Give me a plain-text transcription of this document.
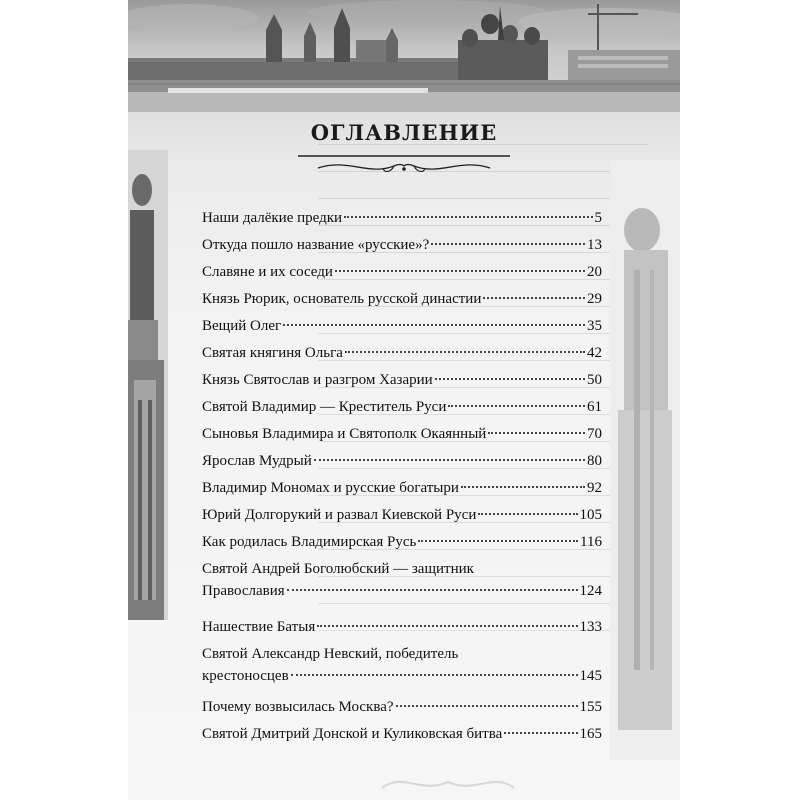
ОГЛАВЛЕНИЕ
Наши далёкие предки	5
Откуда пошло название «русские»?	13
Славяне и их соседи	20
Князь Рюрик, основатель русской династии	29
Вещий Олег	35
Святая княгиня Ольга	42
Князь Святослав и разгром Хазарии	50
Святой Владимир — Креститель Руси	61
Сыновья Владимира и Святополк Окаянный	70
Ярослав Мудрый	80
Владимир Мономах и русские богатыри	92
Юрий Долгорукий и развал Киевской Руси	105
Как родилась Владимирская Русь	116
Святой Андрей Боголюбский — защитник
Православия	124
Нашествие Батыя	133
Святой Александр Невский, победитель
крестоносцев	145
Почему возвысилась Москва?	155
Святой Дмитрий Донской и Куликовская битва	165
